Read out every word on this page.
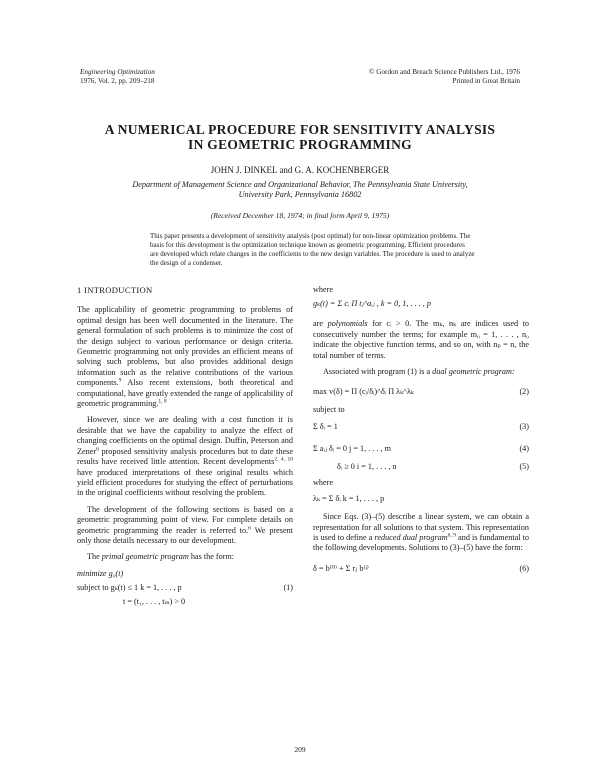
Engineering Optimization
1976, Vol. 2, pp. 209–218
© Gordon and Breach Science Publishers Ltd., 1976
Printed in Great Britain
A NUMERICAL PROCEDURE FOR SENSITIVITY ANALYSIS
IN GEOMETRIC PROGRAMMING
JOHN J. DINKEL and G. A. KOCHENBERGER
Department of Management Science and Organizational Behavior, The Pennsylvania State University,
University Park, Pennsylvania 16802
(Received December 18, 1974; in final form April 9, 1975)
This paper presents a development of sensitivity analysis (post optimal) for non-linear optimization problems. The
basis for this development is the optimization technique known as geometric programming. Efficient procedures
are developed which relate changes in the coefficients to the new design variables. The procedure is used to analyze
the design of a condenser.
1 INTRODUCTION

The applicability of geometric programming to problems of optimal design has been well documented in the literature. The general formulation of such problems is to minimize the cost of the design subject to various performance or design criteria. Geometric programming not only provides an efficient means of solving such problems, but also provides additional design information such as the relative contributions of the various components.$^9$ Also recent extensions, both theoretical and computational, have greatly extended the range of applicability of geometric programming.$^{1, 8}$

However, since we are dealing with a cost function it is desirable that we have the capability to analyze the effect of changing coefficients on the optimal design. Duffin, Peterson and Zener$^6$ proposed sensitivity analysis procedures but to date these results have received little attention. Recent developments$^{2, 4, 10}$ have produced interpretations of these original results which yield efficient procedures for studying the effect of perturbations in the original coefficients without resolving the problem.

The development of the following sections is based on a geometric programming point of view. For complete details on geometric programming the reader is referred to.$^6$ We present only those details necessary to our development.

The primal geometric program has the form:

minimize g₀(t)
subject to gₖ(t) ≤ 1 k = 1, . . . , p	(1)
t = (t₁, . . . , tₘ) > 0
where
gₖ(t) = Σ cᵢ Π tⱼ^aᵢⱼ , k = 0, 1, . . . , p

are polynomials for cᵢ > 0. The mₖ, nₖ are indices used to consecutively number the terms; for example m₀ = 1, . . . , n₀ indicate the objective function terms, and so on, with nₚ = n, the total number of terms.

Associated with program (1) is a dual geometric program:

max v(δ) = Π (cᵢ/δᵢ)^δᵢ Π λₖ^λₖ	(2)
subject to
Σ δᵢ = 1	(3)
Σ aᵢⱼ δᵢ = 0 j = 1, . . . , m	(4)
δᵢ ≥ 0 i = 1, . . . , n	(5)
where
λₖ = Σ δᵢ k = 1, . . . , p

Since Eqs. (3)–(5) describe a linear system, we can obtain a representation for all solutions to that system. This representation is used to define a reduced dual program$^{6, 9}$ and is fundamental to the following developments. Solutions to (3)–(5) have the form:

δ = b⁽⁰⁾ + Σ rⱼ b⁽ʲ⁾	(6)
209
